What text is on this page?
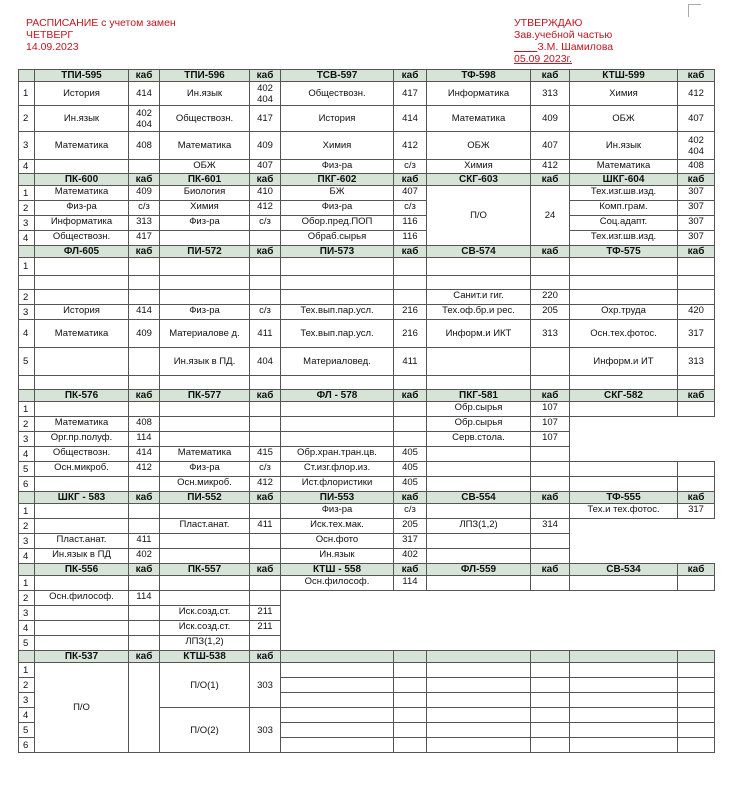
РАСПИСАНИЕ с учетом замен
ЧЕТВЕРГ
14.09.2023
УТВЕРЖДАЮ
Зав.учебной частью
З.М. Шамилова
05.09 2023г.
	ТПИ-595	каб	ТПИ-596	каб	ТСВ-597	каб	ТФ-598	каб	КТШ-599	каб
1	История	414	Ин.язык	402 404	Обществозн.	417	Информатика	313	Химия	412
2	Ин.язык	402 404	Обществозн.	417	История	414	Математика	409	ОБЖ	407
3	Математика	408	Математика	409	Химия	412	ОБЖ	407	Ин.язык	402 404
4			ОБЖ	407	Физ-ра	с/з	Химия	412	Математика	408
	ПК-600	каб	ПК-601	каб	ПКГ-602	каб	СКГ-603	каб	ШКГ-604	каб
1	Математика	409	Биология	410	БЖ	407	П/О	24	Тех.изг.шв.изд.	307
2	Физ-ра	с/з	Химия	412	Физ-ра	с/з			Комп.грам.	307
3	Информатика	313	Физ-ра	с/з	Обор.пред.ПОП	116			Соц.адапт.	307
4	Обществозн.	417			Обраб.сырья	116			Тех.изг.шв.изд.	307
	ФЛ-605	каб	ПИ-572	каб	ПИ-573	каб	СВ-574	каб	ТФ-575	каб
1										

2							Санит.и гиг.	220		
3	История	414	Физ-ра	с/з	Тех.вып.пар.усл.	216	Тех.оф.бр.и рес.	205	Охр.труда	420
4	Математика	409	Материалове д.	411	Тех.вып.пар.усл.	216	Информ.и ИКТ	313	Осн.тех.фотос.	317
5			Ин.язык в ПД.	404	Материаловед.	411			Информ.и ИТ	313

	ПК-576	каб	ПК-577	каб	ФЛ - 578	каб	ПКГ-581	каб	СКГ-582	каб
1							Обр.сырья	107		
2	Математика	408					Обр.сырья	107		
3	Орг.пр.полуф.	114					Серв.стола.	107		
4	Обществозн.	414	Математика	415	Обр.хран.тран.цв.	405				
5	Осн.микроб.	412	Физ-ра	с/з	Ст.изг.флор.из.	405				
6			Осн.микроб.	412	Ист.флористики	405				
	ШКГ - 583	каб	ПИ-552	каб	ПИ-553	каб	СВ-554	каб	ТФ-555	каб
1					Физ-ра	с/з			Тех.и тех.фотос.	317
2			Пласт.анат.	411	Иск.тех.мак.	205	ЛПЗ(1,2)	314		
3	Пласт.анат.	411			Осн.фото	317				
4	Ин.язык в ПД	402			Ин.язык	402				
	ПК-556	каб	ПК-557	каб	КТШ - 558	каб	ФЛ-559	каб	СВ-534	каб
1					Осн.философ.	114				
2	Осн.философ.	114								
3			Иск.созд.ст.	211						
4			Иск.созд.ст.	211						
5			ЛПЗ(1,2)							
	ПК-537	каб	КТШ-538	каб						
1	П/О		П/О(1)	303						
2										
3										
4			П/О(2)	303						
5										
6										
